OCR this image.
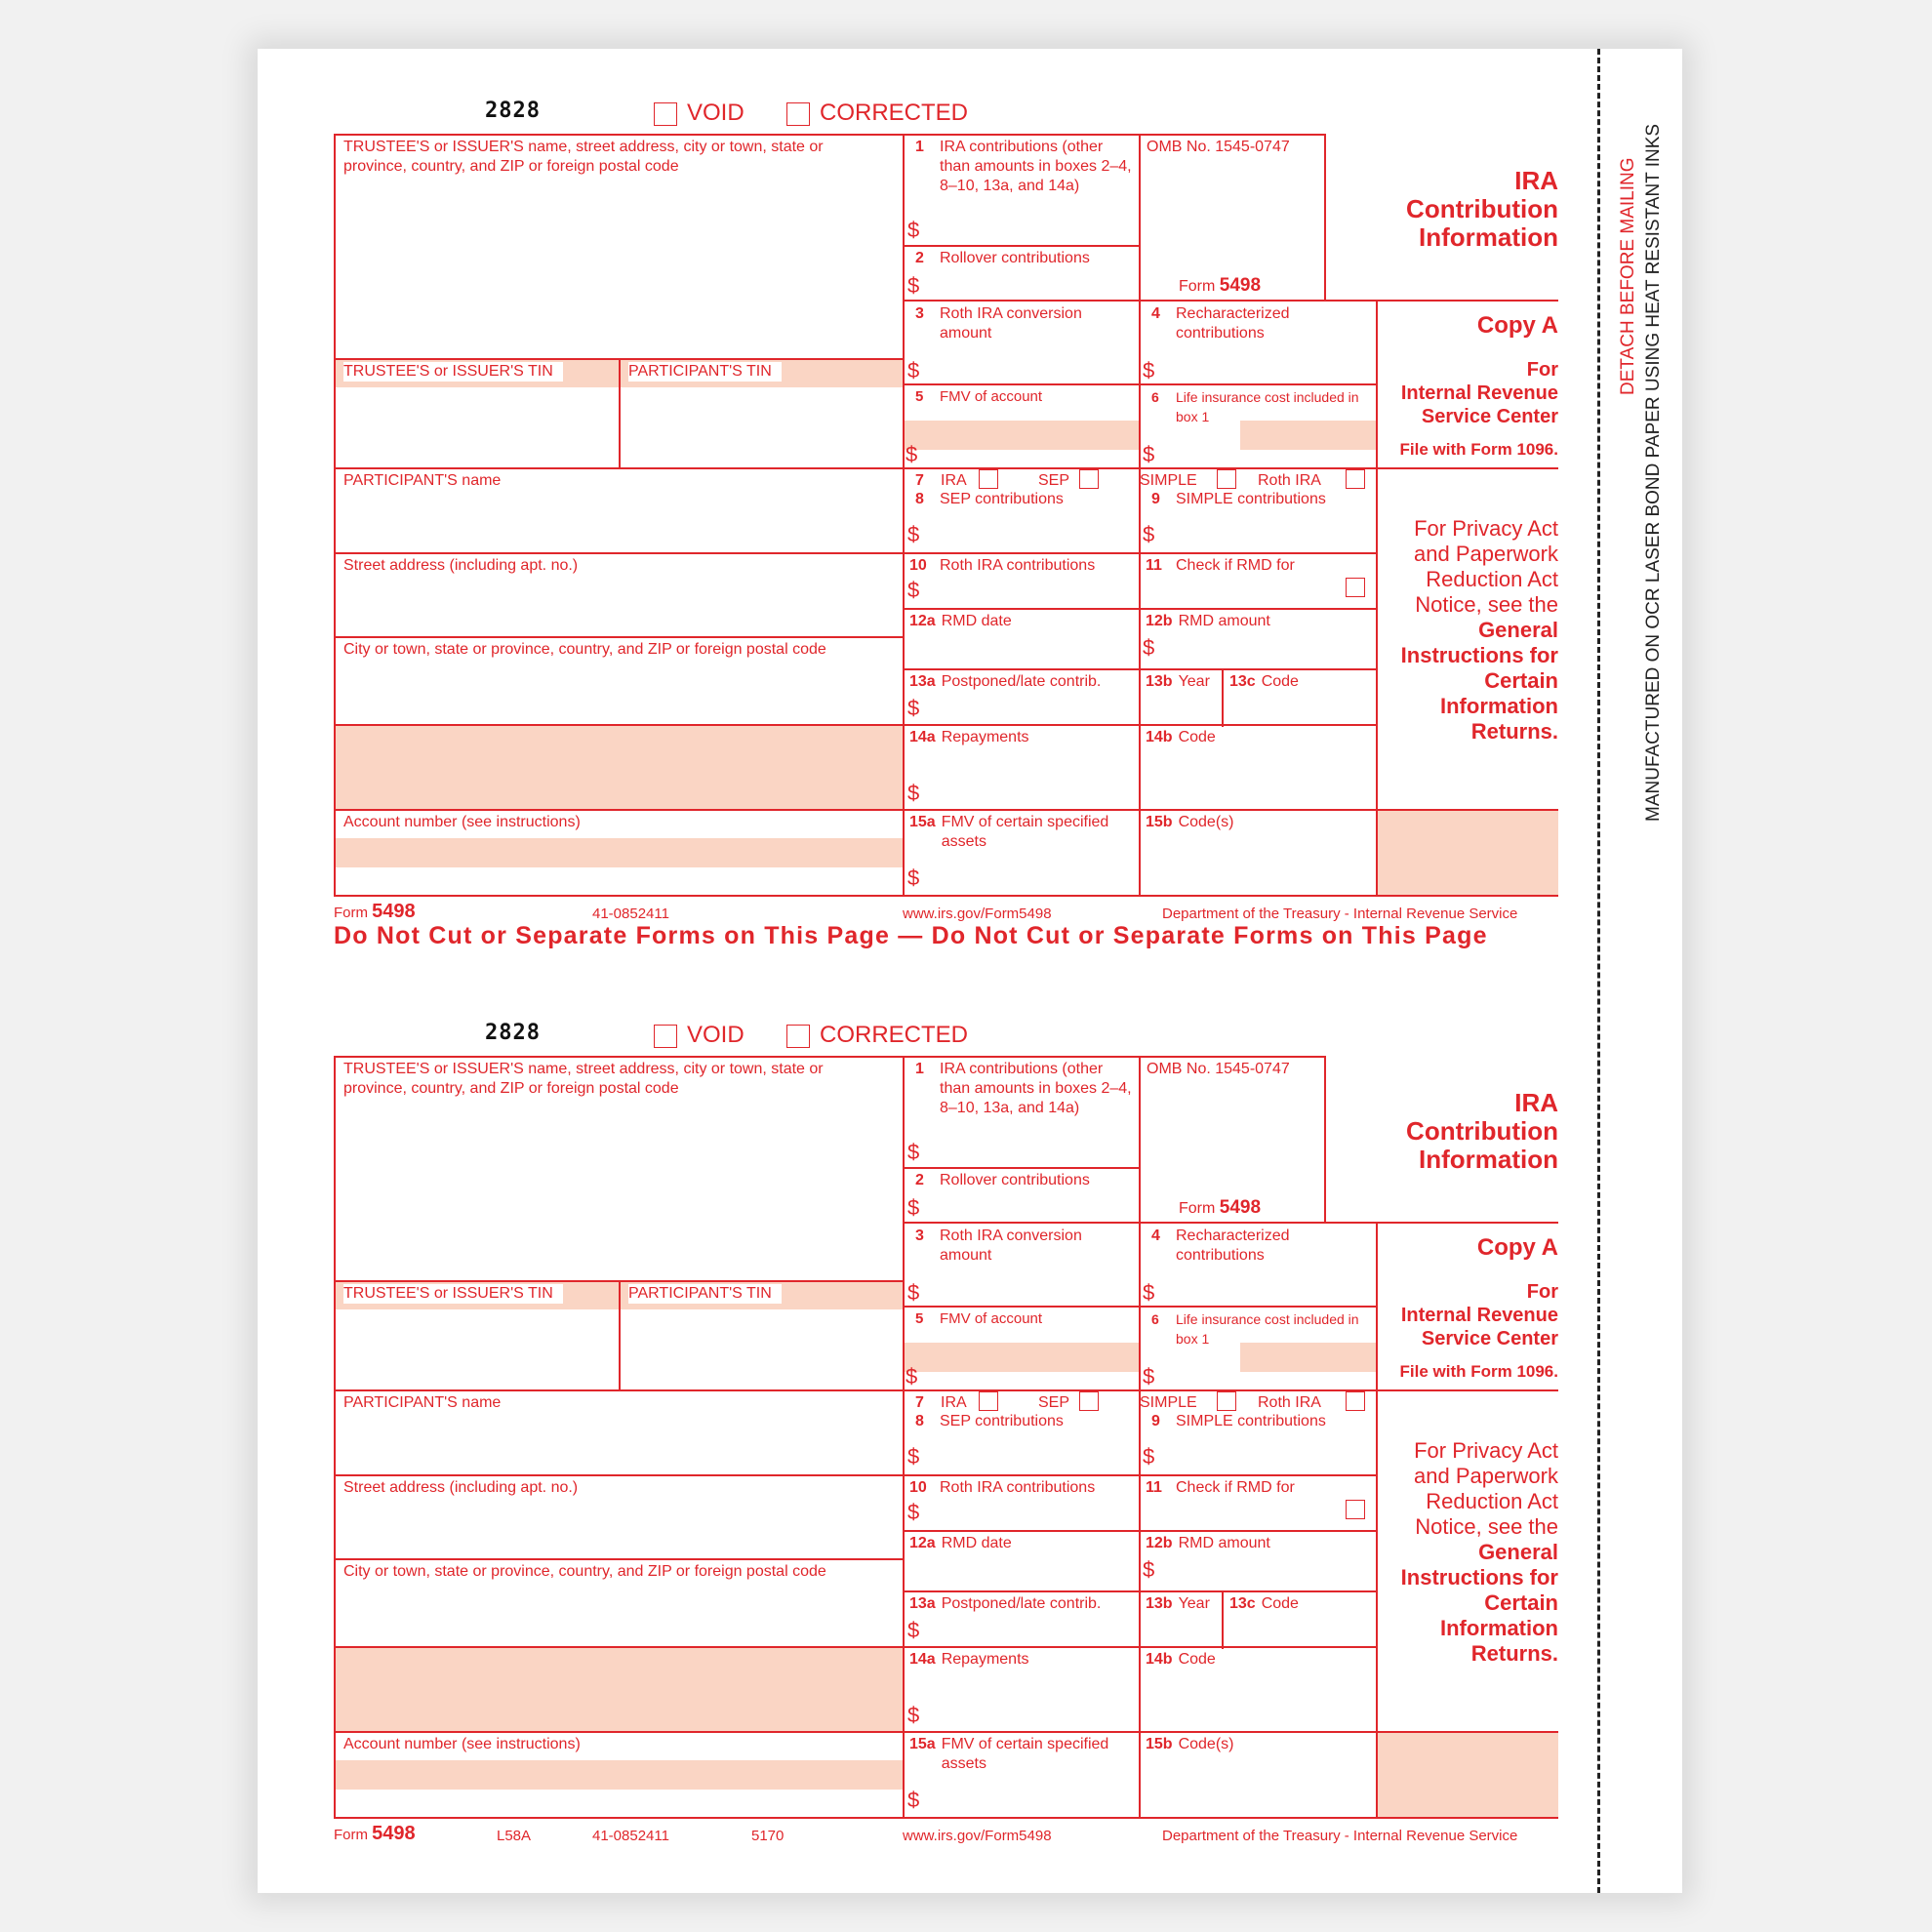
DETACH BEFORE MAILING MANUFACTURED ON OCR LASER BOND PAPER USING HEAT RESISTANT INKS
Do Not Cut or Separate Forms on This Page — Do Not Cut or Separate Forms on This Page
2828	VOID	CORRECTED
TRUSTEE'S or ISSUER'S name, street address, city or town, state or province, country, and ZIP or foreign postal code
TRUSTEE'S or ISSUER'S TIN	PARTICIPANT'S TIN
PARTICIPANT'S name
Street address (including apt. no.)
City or town, state or province, country, and ZIP or foreign postal code
Account number (see instructions)
1	IRA contributions (other than amounts in boxes 2–4, 8–10, 13a, and 14a)
$
2	Rollover contributions
$
3	Roth IRA conversion amount
$
4	Recharacterized contributions
$
5	FMV of account
$
6	Life insurance cost included in box 1
$
7	IRA	SEP	SIMPLE	Roth IRA
8	SEP contributions
$
9	SIMPLE contributions
$
10 Roth IRA contributions
$
11 Check if RMD for
12a RMD date	12b RMD amount
$
13a Postponed/late contrib.
$
13b Year 13c Code
14a Repayments
$
14b Code
15a FMV of certain specified assets
$
15b Code(s)
OMB No. 1545-0747
Form 5498
IRA
Contribution
Information
Copy A
For
Internal Revenue
Service Center
File with Form 1096.
For Privacy Act
and Paperwork
Reduction Act
Notice, see the
General
Instructions for
Certain
Information
Returns.
Form 5498	41-0852411	www.irs.gov/Form5498	Department of the Treasury - Internal Revenue Service
2828	VOID	CORRECTED
TRUSTEE'S or ISSUER'S name, street address, city or town, state or province, country, and ZIP or foreign postal code
TRUSTEE'S or ISSUER'S TIN	PARTICIPANT'S TIN
PARTICIPANT'S name
Street address (including apt. no.)
City or town, state or province, country, and ZIP or foreign postal code
Account number (see instructions)
1	IRA contributions (other than amounts in boxes 2–4, 8–10, 13a, and 14a)
$
2	Rollover contributions
$
3	Roth IRA conversion amount
$
4	Recharacterized contributions
$
5	FMV of account
$
6	Life insurance cost included in box 1
$
7	IRA	SEP	SIMPLE	Roth IRA
8	SEP contributions
$
9	SIMPLE contributions
$
10 Roth IRA contributions
$
11 Check if RMD for
12a RMD date	12b RMD amount
$
13a Postponed/late contrib.
$
13b Year 13c Code
14a Repayments
$
14b Code
15a FMV of certain specified assets
$
15b Code(s)
OMB No. 1545-0747
Form 5498
IRA
Contribution
Information
Copy A
For
Internal Revenue
Service Center
File with Form 1096.
For Privacy Act
and Paperwork
Reduction Act
Notice, see the
General
Instructions for
Certain
Information
Returns.
Form 5498	41-0852411	www.irs.gov/Form5498	Department of the Treasury - Internal Revenue Service
L58A	5170
